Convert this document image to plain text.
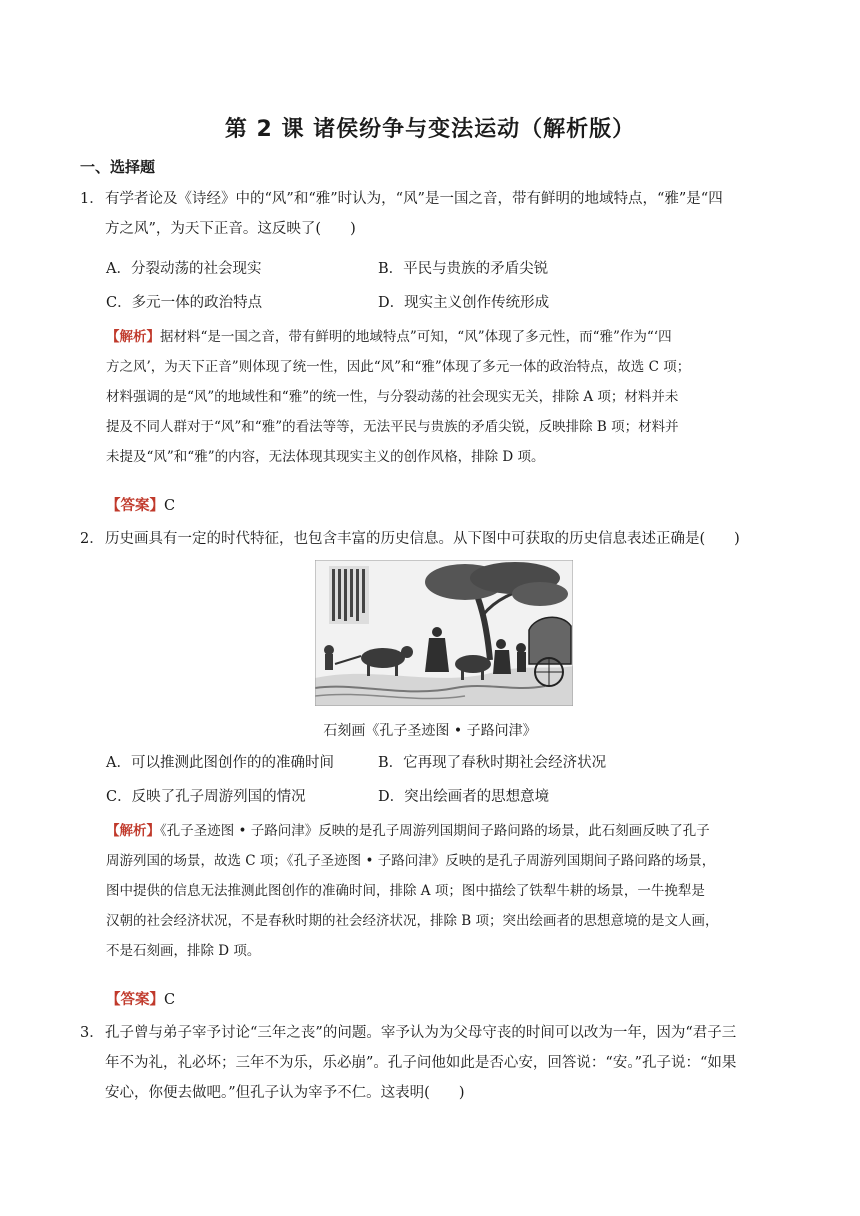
第 2 课 诸侯纷争与变法运动（解析版）
一、选择题
1．有学者论及《诗经》中的“风”和“雅”时认为，“风”是一国之音，带有鲜明的地域特点，“雅”是“四
方之风”，为天下正音。这反映了(　　)
A．分裂动荡的社会现实	B．平民与贵族的矛盾尖锐
C．多元一体的政治特点	D．现实主义创作传统形成
【解析】据材料“是一国之音，带有鲜明的地域特点”可知，“风”体现了多元性，而“雅”作为“‘四
方之风’，为天下正音”则体现了统一性，因此“风”和“雅”体现了多元一体的政治特点，故选 C 项；
材料强调的是“风”的地域性和“雅”的统一性，与分裂动荡的社会现实无关，排除 A 项；材料并未
提及不同人群对于“风”和“雅”的看法等等，无法平民与贵族的矛盾尖锐，反映排除 B 项；材料并
未提及“风”和“雅”的内容，无法体现其现实主义的创作风格，排除 D 项。
【答案】C
2．历史画具有一定的时代特征，也包含丰富的历史信息。从下图中可获取的历史信息表述正确是(　　)
石刻画《孔子圣迹图 • 子路问津》
A．可以推测此图创作的的准确时间	B．它再现了春秋时期社会经济状况
C．反映了孔子周游列国的情况	D．突出绘画者的思想意境
【解析】《孔子圣迹图 • 子路问津》反映的是孔子周游列国期间子路问路的场景，此石刻画反映了孔子
周游列国的场景，故选 C 项；《孔子圣迹图 • 子路问津》反映的是孔子周游列国期间子路问路的场景，
图中提供的信息无法推测此图创作的准确时间，排除 A 项；图中描绘了铁犁牛耕的场景，一牛挽犁是
汉朝的社会经济状况，不是春秋时期的社会经济状况，排除 B 项；突出绘画者的思想意境的是文人画，
不是石刻画，排除 D 项。
【答案】C
3．孔子曾与弟子宰予讨论“三年之丧”的问题。宰予认为为父母守丧的时间可以改为一年，因为“君子三
年不为礼，礼必坏；三年不为乐，乐必崩”。孔子问他如此是否心安，回答说：“安。”孔子说：“如果
安心，你便去做吧。”但孔子认为宰予不仁。这表明(　　)
